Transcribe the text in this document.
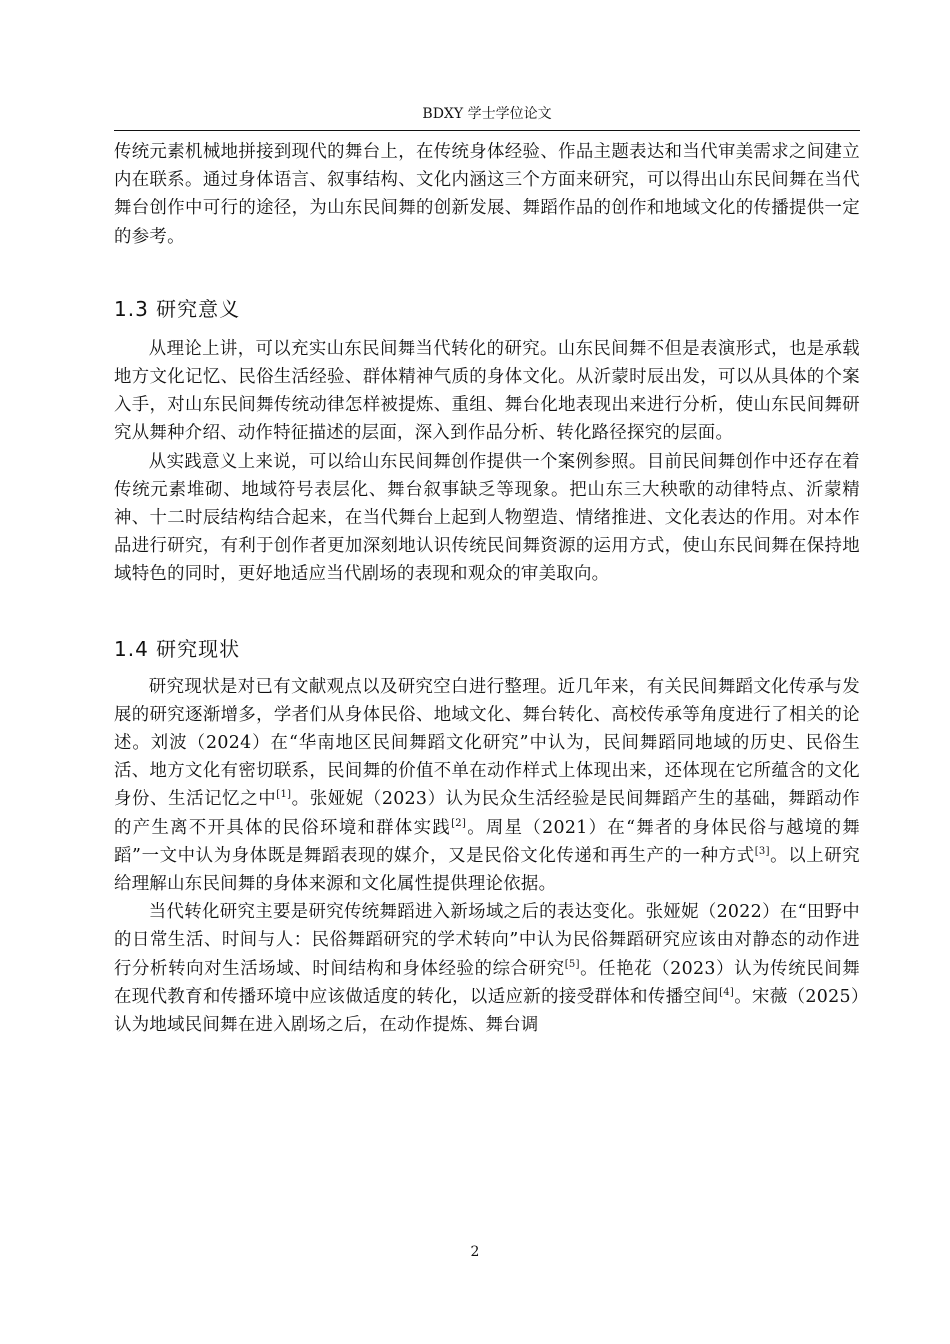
BDXY 学士学位论文

传统元素机械地拼接到现代的舞台上，在传统身体经验、作品主题表达和当代审美需求之间建立内在联系。通过身体语言、叙事结构、文化内涵这三个方面来研究，可以得出山东民间舞在当代舞台创作中可行的途径，为山东民间舞的创新发展、舞蹈作品的创作和地域文化的传播提供一定的参考。

1.3 研究意义

从理论上讲，可以充实山东民间舞当代转化的研究。山东民间舞不但是表演形式，也是承载地方文化记忆、民俗生活经验、群体精神气质的身体文化。从沂蒙时辰出发，可以从具体的个案入手，对山东民间舞传统动律怎样被提炼、重组、舞台化地表现出来进行分析，使山东民间舞研究从舞种介绍、动作特征描述的层面，深入到作品分析、转化路径探究的层面。

从实践意义上来说，可以给山东民间舞创作提供一个案例参照。目前民间舞创作中还存在着传统元素堆砌、地域符号表层化、舞台叙事缺乏等现象。把山东三大秧歌的动律特点、沂蒙精神、十二时辰结构结合起来，在当代舞台上起到人物塑造、情绪推进、文化表达的作用。对本作品进行研究，有利于创作者更加深刻地认识传统民间舞资源的运用方式，使山东民间舞在保持地域特色的同时，更好地适应当代剧场的表现和观众的审美取向。

1.4 研究现状

研究现状是对已有文献观点以及研究空白进行整理。近几年来，有关民间舞蹈文化传承与发展的研究逐渐增多，学者们从身体民俗、地域文化、舞台转化、高校传承等角度进行了相关的论述。刘波（2024）在“华南地区民间舞蹈文化研究”中认为，民间舞蹈同地域的历史、民俗生活、地方文化有密切联系，民间舞的价值不单在动作样式上体现出来，还体现在它所蕴含的文化身份、生活记忆之中[1]。张娅妮（2023）认为民众生活经验是民间舞蹈产生的基础，舞蹈动作的产生离不开具体的民俗环境和群体实践[2]。周星（2021）在“舞者的身体民俗与越境的舞蹈”一文中认为身体既是舞蹈表现的媒介，又是民俗文化传递和再生产的一种方式[3]。以上研究给理解山东民间舞的身体来源和文化属性提供理论依据。

当代转化研究主要是研究传统舞蹈进入新场域之后的表达变化。张娅妮（2022）在“田野中的日常生活、时间与人：民俗舞蹈研究的学术转向”中认为民俗舞蹈研究应该由对静态的动作进行分析转向对生活场域、时间结构和身体经验的综合研究[5]。任艳花（2023）认为传统民间舞在现代教育和传播环境中应该做适度的转化，以适应新的接受群体和传播空间[4]。宋薇（2025）认为地域民间舞在进入剧场之后，在动作提炼、舞台调

2
